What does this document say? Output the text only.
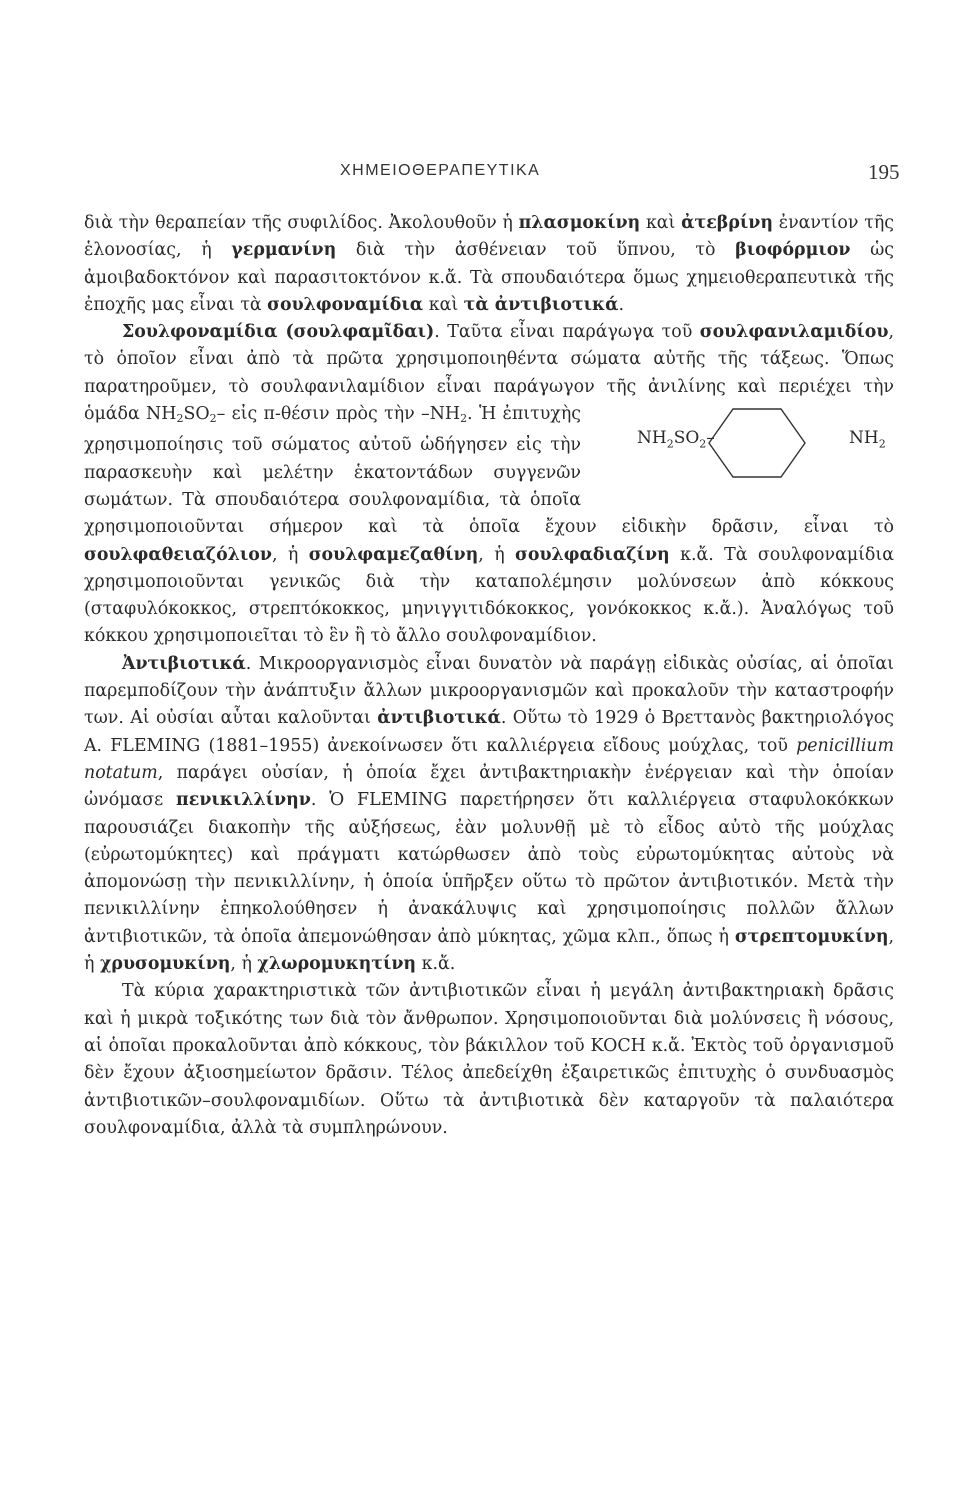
ΧΗΜΕΙΟΘΕΡΑΠΕΥΤΙΚΑ	195

διὰ τὴν θεραπείαν τῆς συφιλίδος. Ἀκολουθοῦν ἡ πλασμοκίνη καὶ ἀτεβρίνη ἐναντίον τῆς ἑλονοσίας, ἡ γερμανίνη διὰ τὴν ἀσθένειαν τοῦ ὕπνου, τὸ βιοφόρμιον ὡς ἀμοιβαδοκτόνον καὶ παρασιτοκτόνον κ.ἄ. Τὰ σπουδαιότερα ὅμως χημειοθεραπευτικὰ τῆς ἐποχῆς μας εἶναι τὰ σουλφοναμίδια καὶ τὰ ἀντιβιοτικά.

Σουλφοναμίδια (σουλφαμῖδαι). Ταῦτα εἶναι παράγωγα τοῦ σουλφανιλαμιδίου, τὸ ὁποῖον εἶναι ἀπὸ τὰ πρῶτα χρησιμοποιηθέντα σώματα αὐτῆς τῆς τάξεως. Ὅπως παρατηροῦμεν, τὸ σουλφανιλαμίδιον εἶναι παράγωγον τῆς ἀνιλίνης καὶ περιέχει τὴν ὁμάδα NH
$NH_2SO_2-$	$NH_2$
2SO2– εἰς π-θέσιν πρὸς τὴν –NH2. Ἡ ἐπιτυχὴς χρησιμοποίησις τοῦ σώματος αὐτοῦ ὡδήγησεν εἰς τὴν παρασκευὴν καὶ μελέτην ἑκατοντάδων συγγενῶν σωμάτων. Τὰ σπουδαιότερα σουλφοναμίδια, τὰ ὁποῖα χρησιμοποιοῦνται σήμερον καὶ τὰ ὁποῖα ἔχουν εἰδικὴν δρᾶσιν, εἶναι τὸ σουλφαθειαζόλιον, ἡ σουλφαμεζαθίνη, ἡ σουλφαδιαζίνη κ.ἄ. Τὰ σουλφοναμίδια χρησιμοποιοῦνται γενικῶς διὰ τὴν καταπολέμησιν μολύνσεων ἀπὸ κόκκους (σταφυλόκοκκος, στρεπτόκοκκος, μηνιγγιτιδόκοκκος, γονόκοκκος κ.ἄ.). Ἀναλόγως τοῦ κόκκου χρησιμοποιεῖται τὸ ἓν ἢ τὸ ἄλλο σουλφοναμίδιον.

Ἀντιβιοτικά. Μικροοργανισμὸς εἶναι δυνατὸν νὰ παράγῃ εἰδικὰς οὐσίας, αἱ ὁποῖαι παρεμποδίζουν τὴν ἀνάπτυξιν ἄλλων μικροοργανισμῶν καὶ προκαλοῦν τὴν καταστροφήν των. Αἱ οὐσίαι αὗται καλοῦνται ἀντιβιοτικά. Οὕτω τὸ 1929 ὁ Βρεττανὸς βακτηριολόγος A. FLEMING (1881–1955) ἀνεκοίνωσεν ὅτι καλλιέργεια εἴδους μούχλας, τοῦ penicillium notatum, παράγει οὐσίαν, ἡ ὁποία ἔχει ἀντιβακτηριακὴν ἐνέργειαν καὶ τὴν ὁποίαν ὠνόμασε πενικιλλίνην. Ὁ FLEMING παρετήρησεν ὅτι καλλιέργεια σταφυλοκόκκων παρουσιάζει διακοπὴν τῆς αὐξήσεως, ἐὰν μολυνθῇ μὲ τὸ εἶδος αὐτὸ τῆς μούχλας (εὐρωτομύκητες) καὶ πράγματι κατώρθωσεν ἀπὸ τοὺς εὐρωτομύκητας αὐτοὺς νὰ ἀπομονώσῃ τὴν πενικιλλίνην, ἡ ὁποία ὑπῆρξεν οὕτω τὸ πρῶτον ἀντιβιοτικόν. Μετὰ τὴν πενικιλλίνην ἐπηκολούθησεν ἡ ἀνακάλυψις καὶ χρησιμοποίησις πολλῶν ἄλλων ἀντιβιοτικῶν, τὰ ὁποῖα ἀπεμονώθησαν ἀπὸ μύκητας, χῶμα κλπ., ὅπως ἡ στρεπτομυκίνη, ἡ χρυσομυκίνη, ἡ χλωρομυκητίνη κ.ἄ.

Τὰ κύρια χαρακτηριστικὰ τῶν ἀντιβιοτικῶν εἶναι ἡ μεγάλη ἀντιβακτηριακὴ δρᾶσις καὶ ἡ μικρὰ τοξικότης των διὰ τὸν ἄνθρωπον. Χρησιμοποιοῦνται διὰ μολύνσεις ἢ νόσους, αἱ ὁποῖαι προκαλοῦνται ἀπὸ κόκκους, τὸν βάκιλλον τοῦ KOCH κ.ἄ. Ἐκτὸς τοῦ ὀργανισμοῦ δὲν ἔχουν ἀξιοσημείωτον δρᾶσιν. Τέλος ἀπεδείχθη ἐξαιρετικῶς ἐπιτυχὴς ὁ συνδυασμὸς ἀντιβιοτικῶν–σουλφοναμιδίων. Οὕτω τὰ ἀντιβιοτικὰ δὲν καταργοῦν τὰ παλαιότερα σουλφοναμίδια, ἀλλὰ τὰ συμπληρώνουν.
